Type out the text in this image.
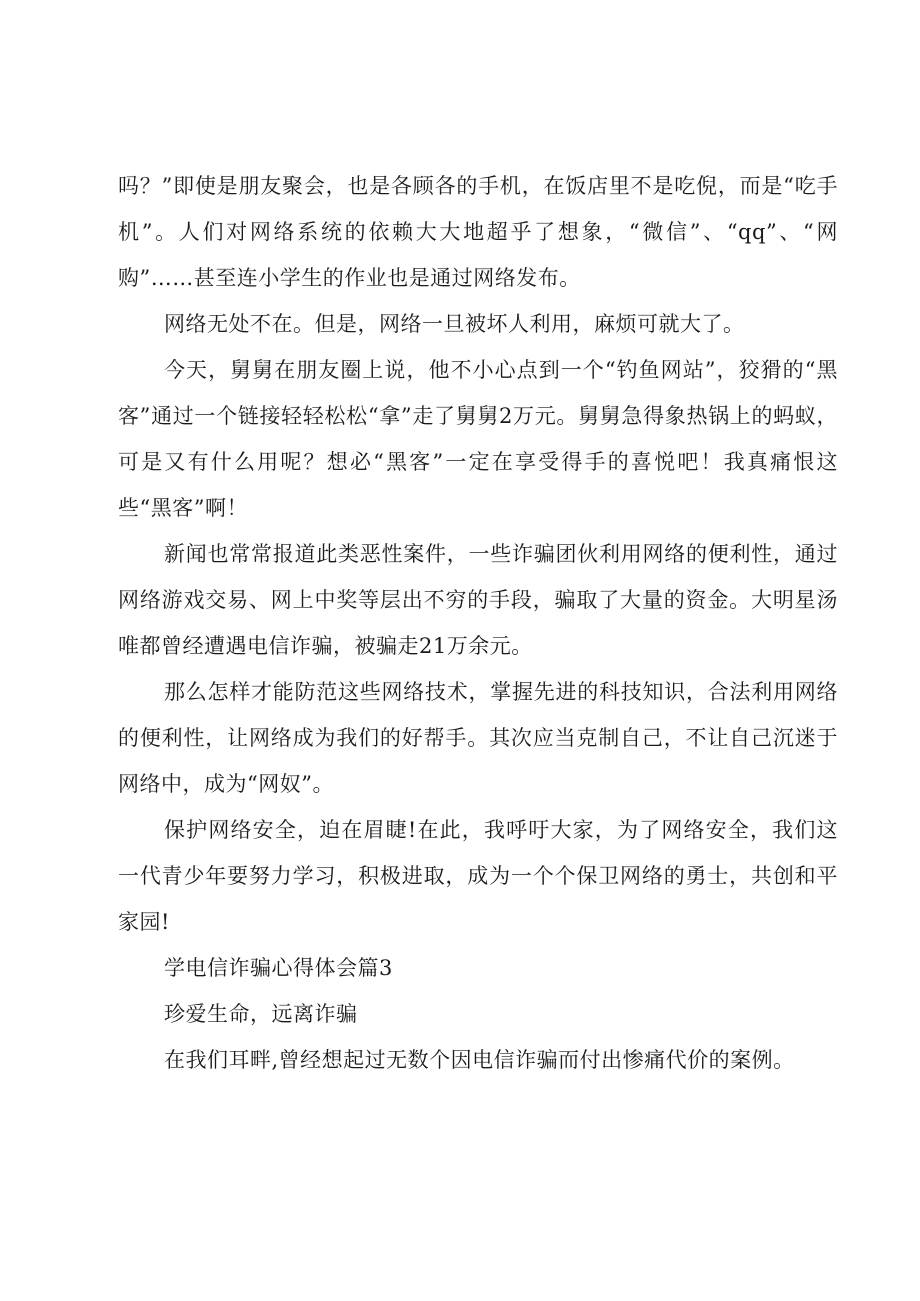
吗？”即使是朋友聚会，也是各顾各的手机，在饭店里不是吃倪，而是“吃手机”。人们对网络系统的依赖大大地超乎了想象，“微信”、“qq”、“网购”……甚至连小学生的作业也是通过网络发布。

网络无处不在。但是，网络一旦被坏人利用，麻烦可就大了。

今天，舅舅在朋友圈上说，他不小心点到一个“钓鱼网站”，狡猾的“黑客”通过一个链接轻轻松松“拿”走了舅舅2万元。舅舅急得象热锅上的蚂蚁，可是又有什么用呢？想必“黑客”一定在享受得手的喜悦吧！我真痛恨这些“黑客”啊！

新闻也常常报道此类恶性案件，一些诈骗团伙利用网络的便利性，通过网络游戏交易、网上中奖等层出不穷的手段，骗取了大量的资金。大明星汤唯都曾经遭遇电信诈骗，被骗走21万余元。

那么怎样才能防范这些网络技术，掌握先进的科技知识，合法利用网络的便利性，让网络成为我们的好帮手。其次应当克制自己，不让自己沉迷于网络中，成为“网奴”。

保护网络安全，迫在眉睫!在此，我呼吁大家，为了网络安全，我们这一代青少年要努力学习，积极进取，成为一个个保卫网络的勇士，共创和平家园!

学电信诈骗心得体会篇3

珍爱生命，远离诈骗

在我们耳畔,曾经想起过无数个因电信诈骗而付出惨痛代价的案例。
